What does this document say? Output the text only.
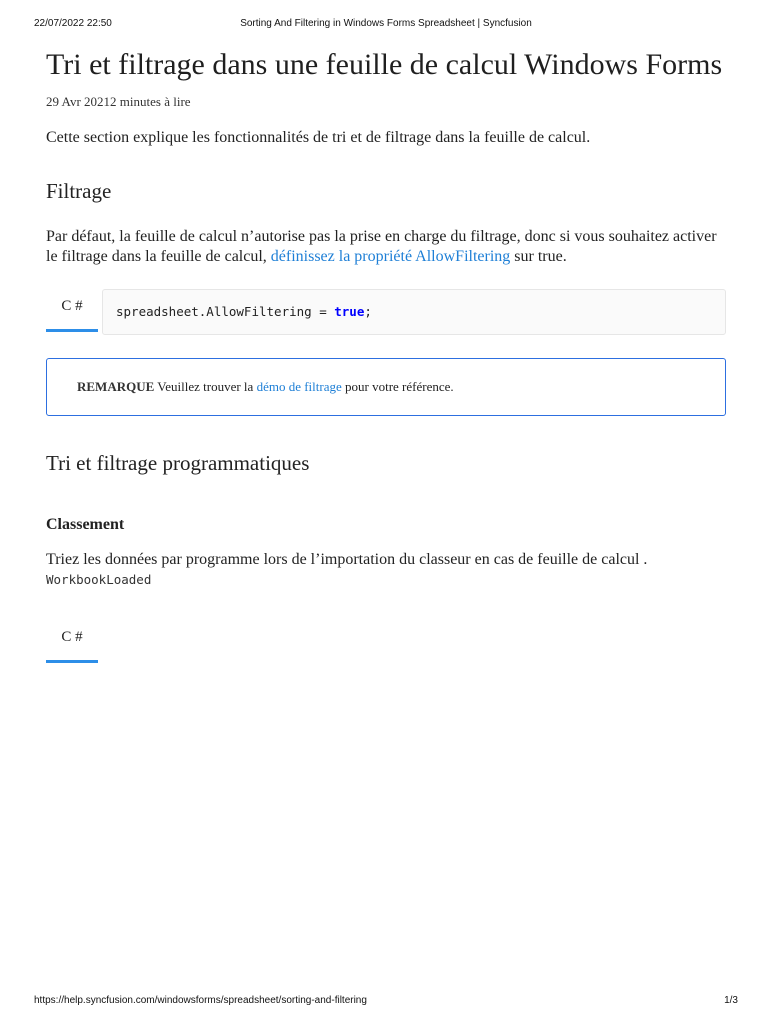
22/07/2022 22:50	Sorting And Filtering in Windows Forms Spreadsheet | Syncfusion
Tri et filtrage dans une feuille de calcul Windows Forms
29 Avr 20212 minutes à lire
Cette section explique les fonctionnalités de tri et de filtrage dans la feuille de calcul.
Filtrage
Par défaut, la feuille de calcul n’autorise pas la prise en charge du filtrage, donc si vous souhaitez activer le filtrage dans la feuille de calcul, définissez la propriété AllowFiltering sur true.
C #	spreadsheet.AllowFiltering = true;
REMARQUE Veuillez trouver la démo de filtrage pour votre référence.
Tri et filtrage programmatiques
Classement
Triez les données par programme lors de l’importation du classeur en cas de feuille de calcul . WorkbookLoaded
C #
https://help.syncfusion.com/windowsforms/spreadsheet/sorting-and-filtering	1/3
